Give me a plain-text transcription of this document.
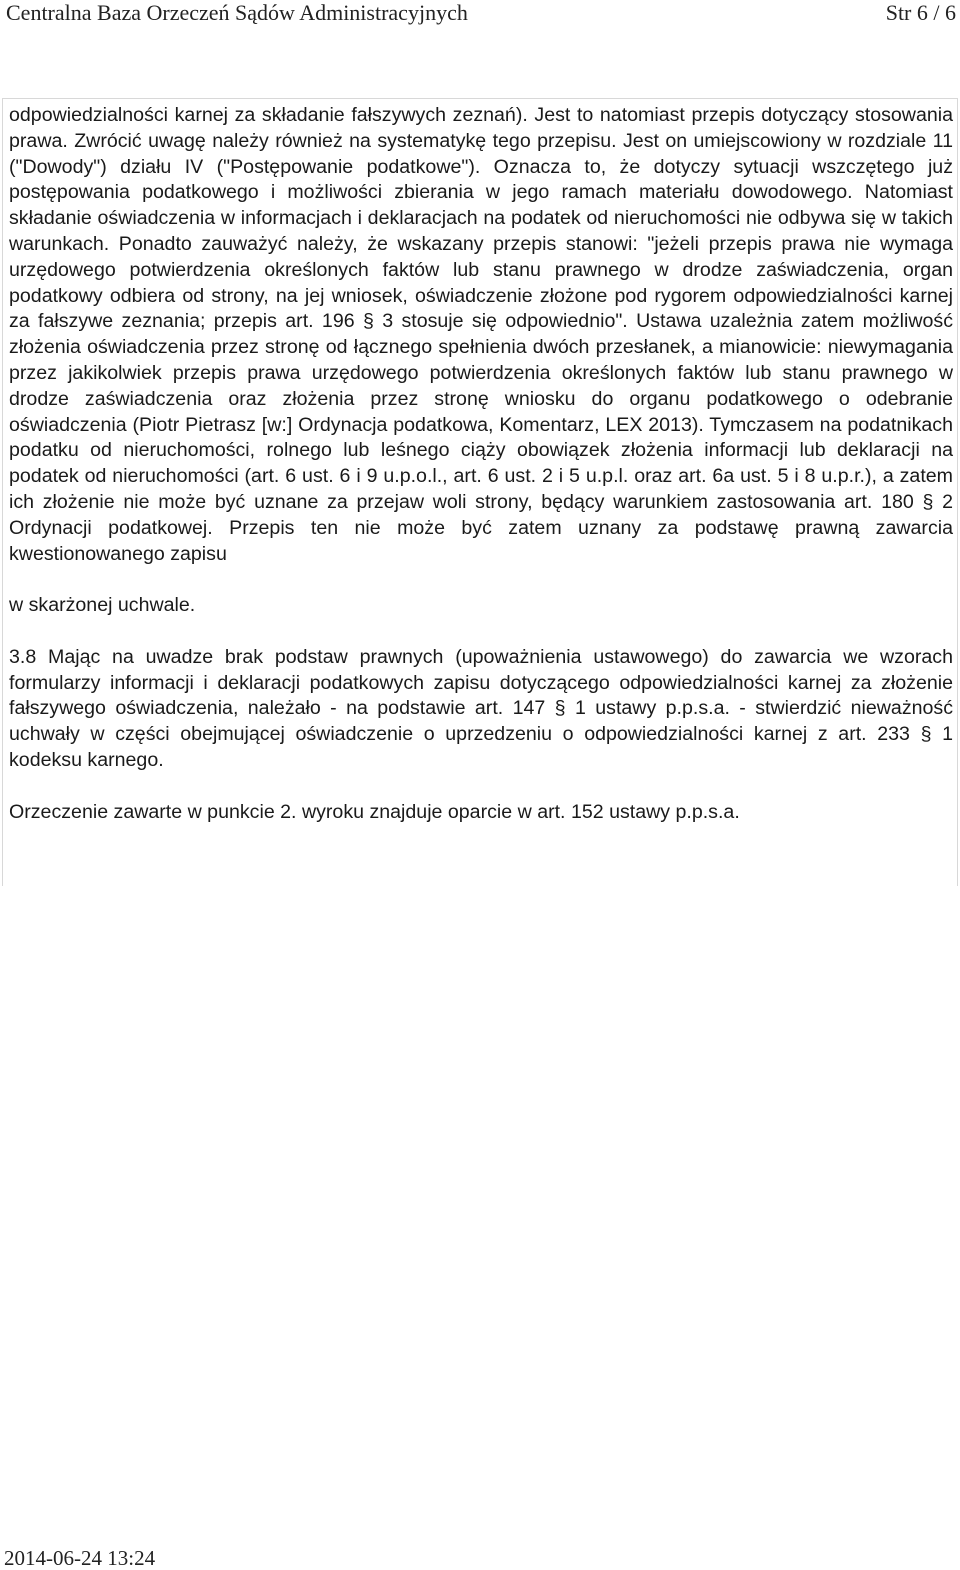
Centralna Baza Orzeczeń Sądów Administracyjnych	Str 6 / 6

odpowiedzialności karnej za składanie fałszywych zeznań). Jest to natomiast przepis dotyczący stosowania prawa. Zwrócić uwagę należy również na systematykę tego przepisu. Jest on umiejscowiony w rozdziale 11 ("Dowody") działu IV ("Postępowanie podatkowe"). Oznacza to, że dotyczy sytuacji wszczętego już postępowania podatkowego i możliwości zbierania w jego ramach materiału dowodowego. Natomiast składanie oświadczenia w informacjach i deklaracjach na podatek od nieruchomości nie odbywa się w takich warunkach. Ponadto zauważyć należy, że wskazany przepis stanowi: "jeżeli przepis prawa nie wymaga urzędowego potwierdzenia określonych faktów lub stanu prawnego w drodze zaświadczenia, organ podatkowy odbiera od strony, na jej wniosek, oświadczenie złożone pod rygorem odpowiedzialności karnej za fałszywe zeznania; przepis art. 196 § 3 stosuje się odpowiednio". Ustawa uzależnia zatem możliwość złożenia oświadczenia przez stronę od łącznego spełnienia dwóch przesłanek, a mianowicie: niewymagania przez jakikolwiek przepis prawa urzędowego potwierdzenia określonych faktów lub stanu prawnego w drodze zaświadczenia oraz złożenia przez stronę wniosku do organu podatkowego o odebranie oświadczenia (Piotr Pietrasz [w:] Ordynacja podatkowa, Komentarz, LEX 2013). Tymczasem na podatnikach podatku od nieruchomości, rolnego lub leśnego ciąży obowiązek złożenia informacji lub deklaracji na podatek od nieruchomości (art. 6 ust. 6 i 9 u.p.o.l., art. 6 ust. 2 i 5 u.p.l. oraz art. 6a ust. 5 i 8 u.p.r.), a zatem ich złożenie nie może być uznane za przejaw woli strony, będący warunkiem zastosowania art. 180 § 2 Ordynacji podatkowej. Przepis ten nie może być zatem uznany za podstawę prawną zawarcia kwestionowanego zapisu

w skarżonej uchwale.

3.8 Mając na uwadze brak podstaw prawnych (upoważnienia ustawowego) do zawarcia we wzorach formularzy informacji i deklaracji podatkowych zapisu dotyczącego odpowiedzialności karnej za złożenie fałszywego oświadczenia, należało - na podstawie art. 147 § 1 ustawy p.p.s.a. - stwierdzić nieważność uchwały w części obejmującej oświadczenie o uprzedzeniu o odpowiedzialności karnej z art. 233 § 1 kodeksu karnego.

Orzeczenie zawarte w punkcie 2. wyroku znajduje oparcie w art. 152 ustawy p.p.s.a.

2014-06-24 13:24
